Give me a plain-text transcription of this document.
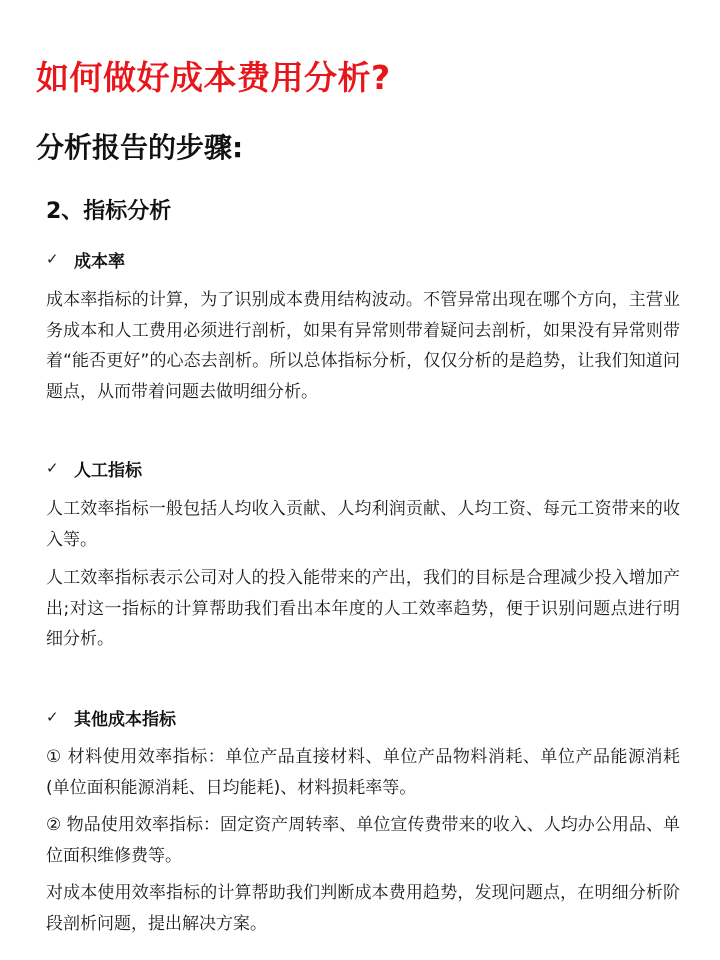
如何做好成本费用分析?
分析报告的步骤:
2、指标分析
✓ 成本率
成本率指标的计算，为了识别成本费用结构波动。不管异常出现在哪个方向，主营业务成本和人工费用必须进行剖析，如果有异常则带着疑问去剖析，如果没有异常则带着“能否更好”的心态去剖析。所以总体指标分析，仅仅分析的是趋势，让我们知道问题点，从而带着问题去做明细分析。
✓ 人工指标
人工效率指标一般包括人均收入贡献、人均利润贡献、人均工资、每元工资带来的收入等。
人工效率指标表示公司对人的投入能带来的产出，我们的目标是合理减少投入增加产出;对这一指标的计算帮助我们看出本年度的人工效率趋势，便于识别问题点进行明细分析。
✓ 其他成本指标
① 材料使用效率指标：单位产品直接材料、单位产品物料消耗、单位产品能源消耗(单位面积能源消耗、日均能耗)、材料损耗率等。
② 物品使用效率指标：固定资产周转率、单位宣传费带来的收入、人均办公用品、单位面积维修费等。
对成本使用效率指标的计算帮助我们判断成本费用趋势，发现问题点，在明细分析阶段剖析问题，提出解决方案。
